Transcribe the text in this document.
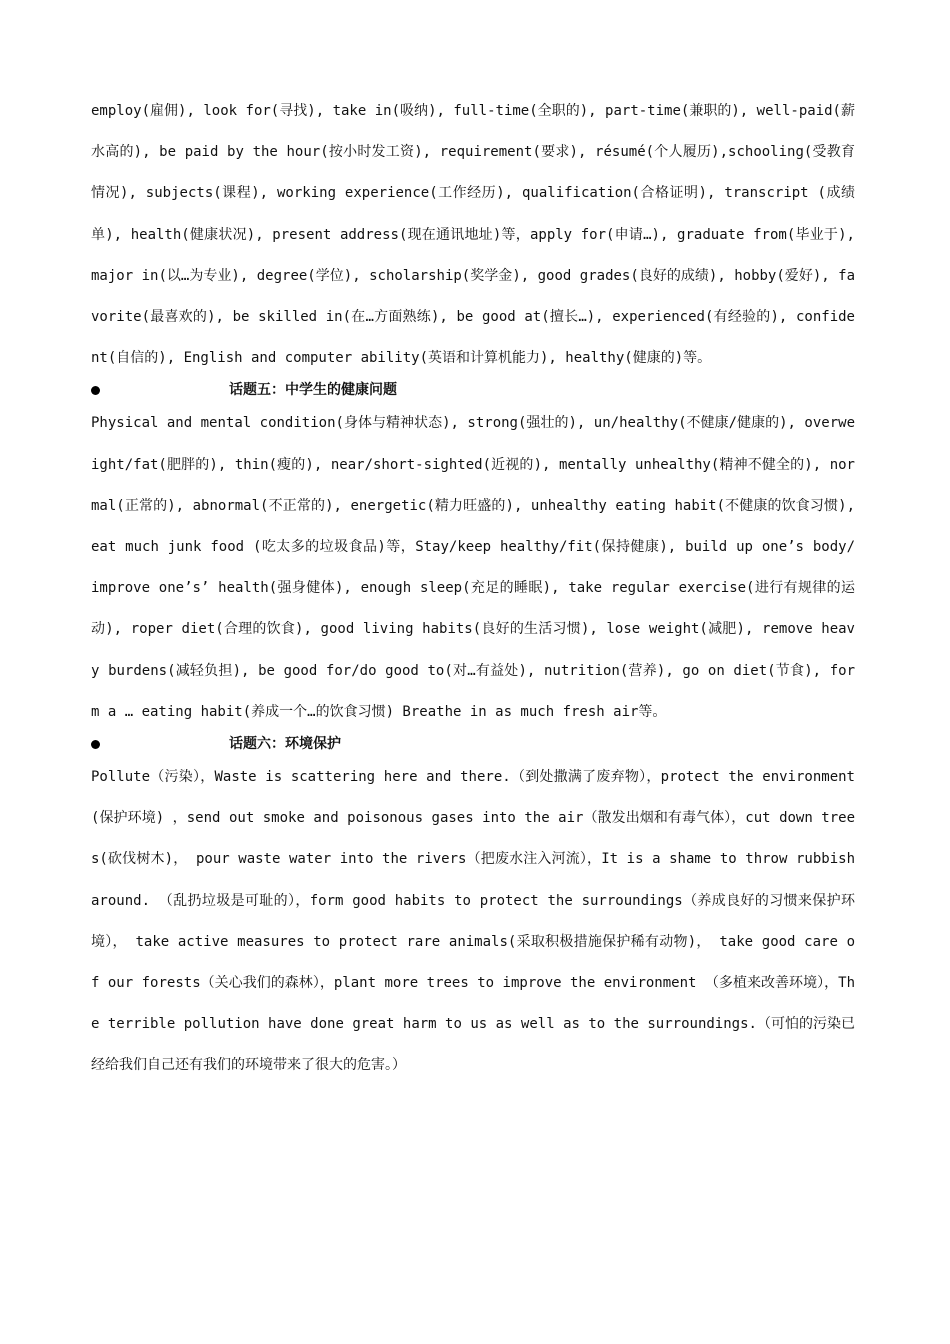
employ(雇佣), look for(寻找), take in(吸纳), full-time(全职的), part-time(兼职的), well-paid(薪水高的), be paid by the hour(按小时发工资), requirement(要求), résumé(个人履历),schooling(受教育情况), subjects(课程), working experience(工作经历), qualification(合格证明), transcript (成绩单), health(健康状况), present address(现在通讯地址)等，apply for(申请…), graduate from(毕业于), major in(以…为专业), degree(学位), scholarship(奖学金), good grades(良好的成绩), hobby(爱好), favorite(最喜欢的), be skilled in(在…方面熟练), be good at(擅长…), experienced(有经验的), confident(自信的), English and computer ability(英语和计算机能力), healthy(健康的)等。

话题五：中学生的健康问题

Physical and mental condition(身体与精神状态), strong(强壮的), un/healthy(不健康/健康的), overweight/fat(肥胖的), thin(瘦的), near/short-sighted(近视的), mentally unhealthy(精神不健全的), normal(正常的), abnormal(不正常的), energetic(精力旺盛的), unhealthy eating habit(不健康的饮食习惯), eat much junk food (吃太多的垃圾食品)等，Stay/keep healthy/fit(保持健康), build up one’s body/ improve one’s’ health(强身健体), enough sleep(充足的睡眠), take regular exercise(进行有规律的运动), roper diet(合理的饮食), good living habits(良好的生活习惯), lose weight(减肥), remove heavy burdens(减轻负担), be good for/do good to(对…有益处), nutrition(营养), go on diet(节食), form a … eating habit(养成一个…的饮食习惯) Breathe in as much fresh air等。

话题六：环境保护

Pollute（污染），Waste is scattering here and there.（到处撒满了废弃物），protect the environment(保护环境) ，send out smoke and poisonous gases into the air（散发出烟和有毒气体），cut down trees(砍伐树木)， pour waste water into the rivers（把废水注入河流），It is a shame to throw rubbish around. （乱扔垃圾是可耻的），form good habits to protect the surroundings（养成良好的习惯来保护环境）， take active measures to protect rare animals(采取积极措施保护稀有动物)， take good care of our forests（关心我们的森林），plant more trees to improve the environment （多植来改善环境），The terrible pollution have done great harm to us as well as to the surroundings.（可怕的污染已经给我们自己还有我们的环境带来了很大的危害。）
